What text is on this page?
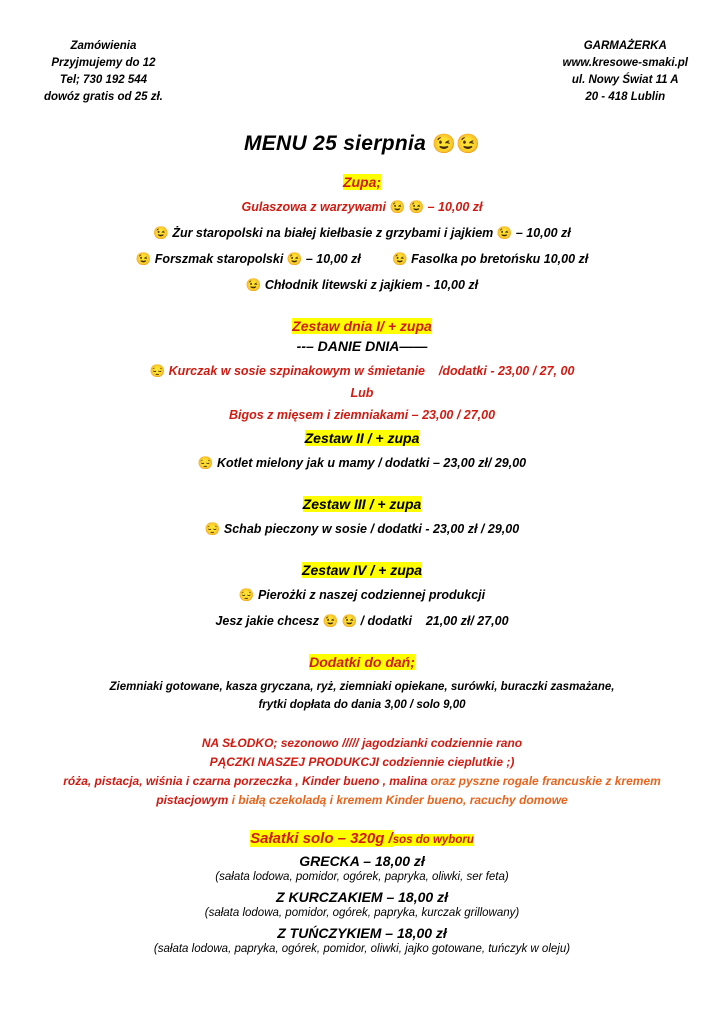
Zamówienia
Przyjmujemy do 12
Tel; 730 192 544
dowóz gratis od 25 zł.
GARMAŻERKA
www.kresowe-smaki.pl
ul. Nowy Świat 11 A
20 - 418 Lublin
MENU 25 sierpnia 😉😉
Zupa;
Gulaszowa z warzywami 😉 😉 – 10,00 zł
😉 Żur staropolski na białej kiełbasie z grzybami i jajkiem 😉 – 10,00 zł
😉 Forszmak staropolski 😉 – 10,00 zł	😉 Fasolka po bretońsku 10,00 zł
😉 Chłodnik litewski z jajkiem - 10,00 zł
Zestaw dnia I/ + zupa
--– DANIE DNIA——
😔 Kurczak w sosie szpinakowym w śmietanie /dodatki - 23,00 / 27, 00
Lub
Bigos z mięsem i ziemniakami – 23,00 / 27,00
Zestaw II / + zupa
😔 Kotlet mielony jak u mamy / dodatki – 23,00 zł/ 29,00
Zestaw III / + zupa
😔 Schab pieczony w sosie / dodatki - 23,00 zł / 29,00
Zestaw IV / + zupa
😔 Pierożki z naszej codziennej produkcji
Jesz jakie chcesz 😉 😉 / dodatki 21,00 zł/ 27,00
Dodatki do dań;
Ziemniaki gotowane, kasza gryczana, ryż, ziemniaki opiekane, surówki, buraczki zasmażane,
frytki dopłata do dania 3,00 / solo 9,00
NA SŁODKO; sezonowo ///// jagodzianki codziennie rano
PĄCZKI NASZEJ PRODUKCJI codziennie cieplutkie ;)
róża, pistacja, wiśnia i czarna porzeczka , Kinder bueno , malina oraz pyszne rogale francuskie z kremem
pistacjowym i białą czekoladą i kremem Kinder bueno, racuchy domowe
Sałatki solo – 320g /sos do wyboru
GRECKA – 18,00 zł
(sałata lodowa, pomidor, ogórek, papryka, oliwki, ser feta)
Z KURCZAKIEM – 18,00 zł
(sałata lodowa, pomidor, ogórek, papryka, kurczak grillowany)
Z TUŃCZYKIEM – 18,00 zł
(sałata lodowa, papryka, ogórek, pomidor, oliwki, jajko gotowane, tuńczyk w oleju)
